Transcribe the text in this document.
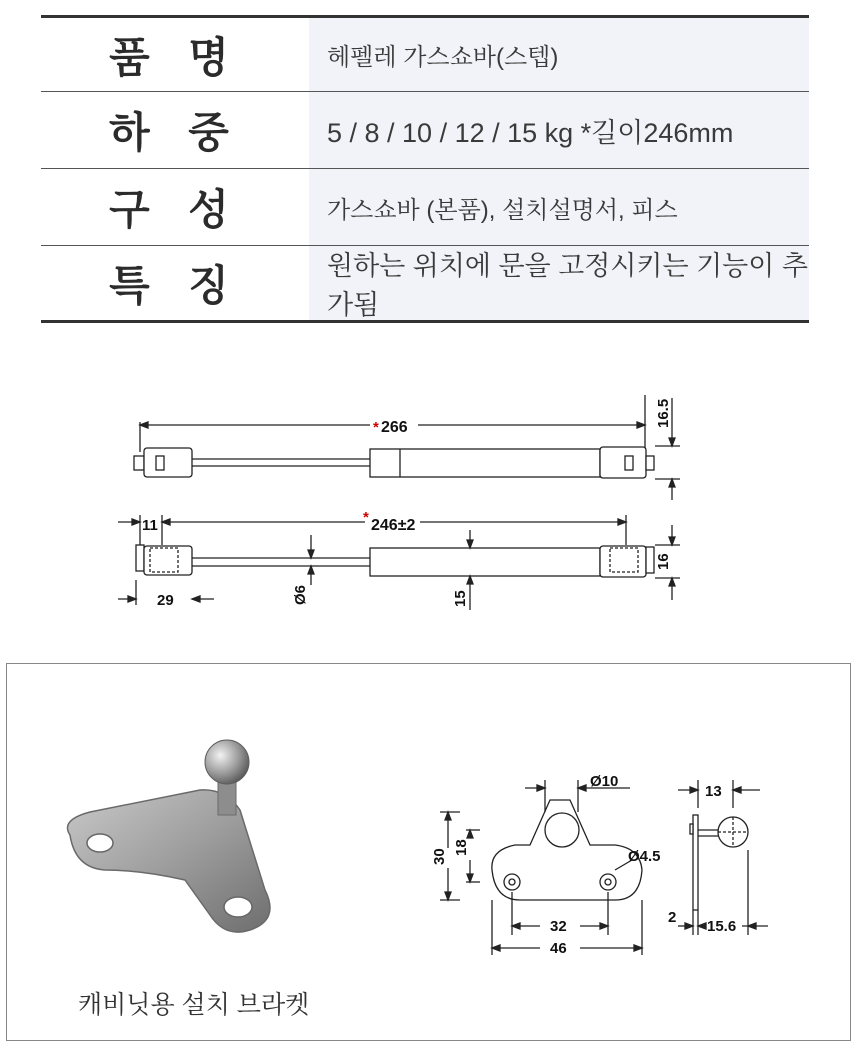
품 명	헤펠레 가스쇼바(스텝)
하 중	5 / 8 / 10 / 12 / 15 kg *길이246mm
구 성	가스쇼바 (본품), 설치설명서, 피스
특 징	원하는 위치에 문을 고정시키는 기능이 추가됨
* 266	16.5
11	* 246±2
16
29	Ø6	15
Ø10
30
18
Ø4.5
32
46
13
2
15.6
캐비닛용 설치 브라켓
